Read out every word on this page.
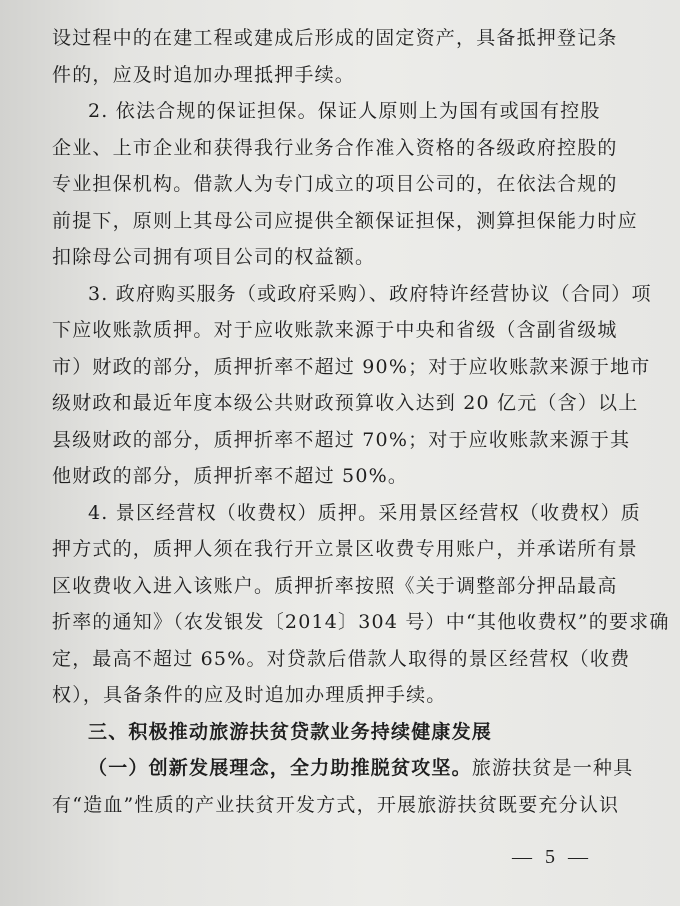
设过程中的在建工程或建成后形成的固定资产，具备抵押登记条
件的，应及时追加办理抵押手续。
2. 依法合规的保证担保。保证人原则上为国有或国有控股
企业、上市企业和获得我行业务合作准入资格的各级政府控股的
专业担保机构。借款人为专门成立的项目公司的，在依法合规的
前提下，原则上其母公司应提供全额保证担保，测算担保能力时应
扣除母公司拥有项目公司的权益额。
3. 政府购买服务（或政府采购）、政府特许经营协议（合同）项
下应收账款质押。对于应收账款来源于中央和省级（含副省级城
市）财政的部分，质押折率不超过 90%；对于应收账款来源于地市
级财政和最近年度本级公共财政预算收入达到 20 亿元（含）以上
县级财政的部分，质押折率不超过 70%；对于应收账款来源于其
他财政的部分，质押折率不超过 50%。
4. 景区经营权（收费权）质押。采用景区经营权（收费权）质
押方式的，质押人须在我行开立景区收费专用账户，并承诺所有景
区收费收入进入该账户。质押折率按照《关于调整部分押品最高
折率的通知》（农发银发〔2014〕304 号）中“其他收费权”的要求确
定，最高不超过 65%。对贷款后借款人取得的景区经营权（收费
权），具备条件的应及时追加办理质押手续。
三、积极推动旅游扶贫贷款业务持续健康发展
（一）创新发展理念，全力助推脱贫攻坚。旅游扶贫是一种具
有“造血”性质的产业扶贫开发方式，开展旅游扶贫既要充分认识
— 5 —
